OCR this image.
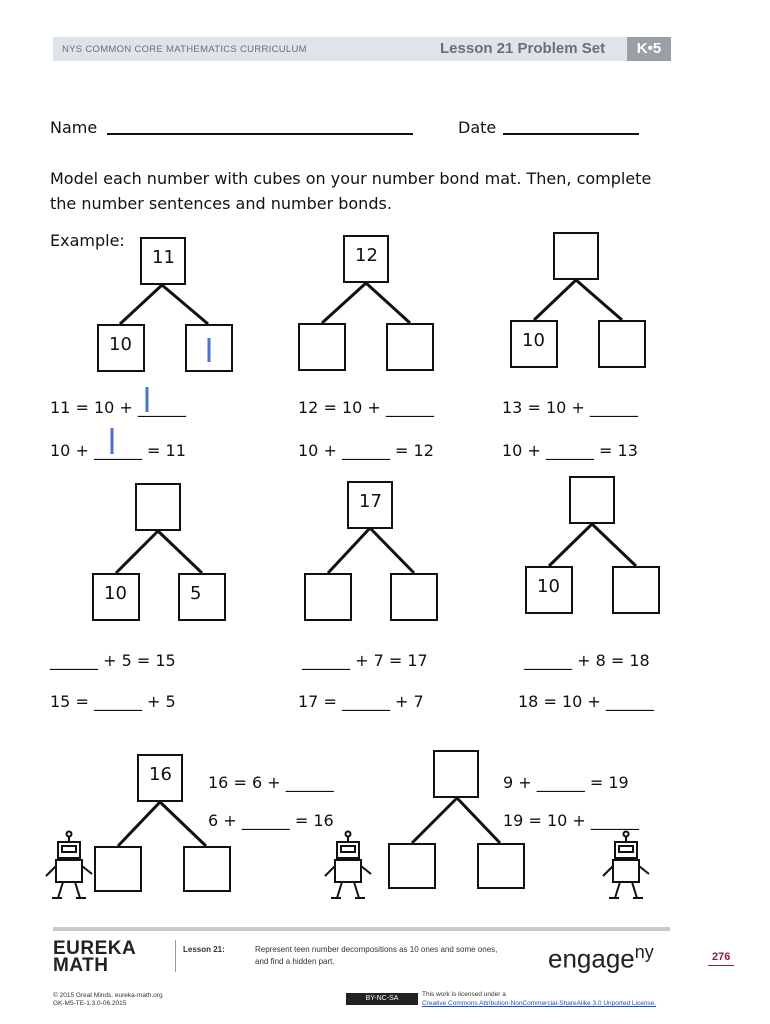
NYS COMMON CORE MATHEMATICS CURRICULUM	Lesson 21 Problem Set	K•5
Name	Date
Model each number with cubes on your number bond mat. Then, complete
the number sentences and number bonds.
Example:
11
10
12
10
11 = 10 + ______
10 + ______ = 11
12 = 10 + ______
10 + ______ = 12
13 = 10 + ______
10 + ______ = 13
10	5
17
10
______ + 5 = 15
15 = ______ + 5
______ + 7 = 17
17 = ______ + 7
______ + 8 = 18
18 = 10 + ______
16 16 = 6 + ______
6 + ______ = 16
9 + ______ = 19
19 = 10 + ______
EUREKA
MATH
Lesson 21:	Represent teen number decompositions as 10 ones and some ones,
and find a hidden part.	engage$^{ny}$	276
© 2015 Great Minds. eureka-math.org
GK-M5-TE-1.3.0-06.2015
BY-NC-SA
This work is licensed under a
Creative Commons Attribution-NonCommercial-ShareAlike 3.0 Unported License.
